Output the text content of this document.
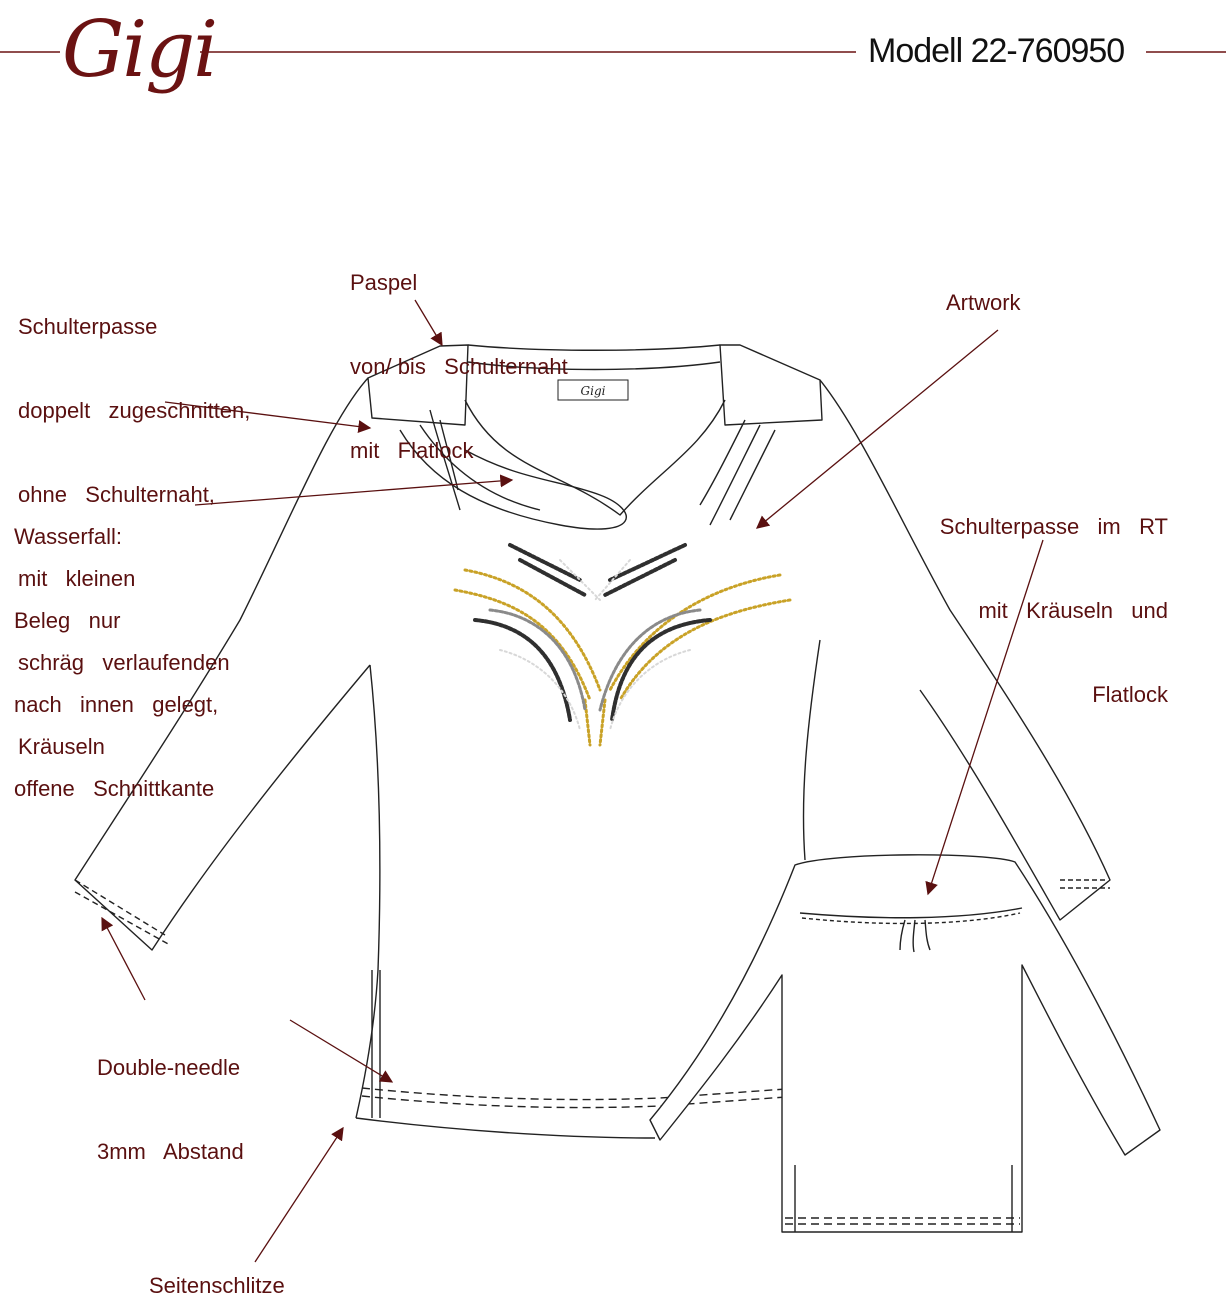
Gigi	Modell 22-760950
Gigi

Paspel

von/ bis   Schulternaht

mit   Flatlock

Schulterpasse

doppelt   zugeschnitten,

ohne   Schulternaht,

mit   kleinen

schräg   verlaufenden

Kräuseln

Artwork

Wasserfall:

Beleg   nur

nach   innen   gelegt,

offene   Schnittkante

Schulterpasse   im   RT

mit   Kräuseln   und

Flatlock

Double-needle

3mm   Abstand

Seitenschlitze
